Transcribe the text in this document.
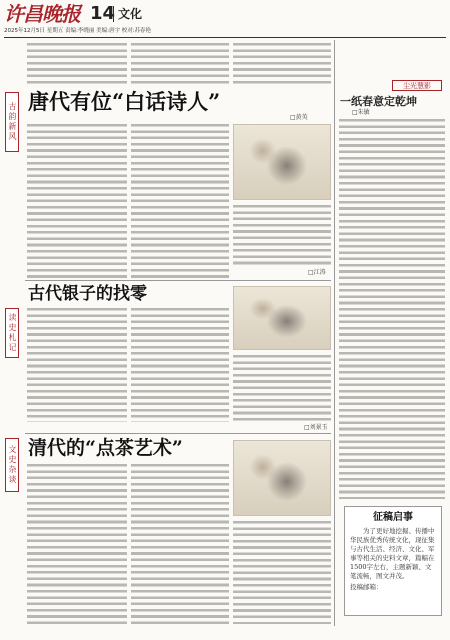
许昌晚报 14 文化
2025年12月5日 星期五 责编:李晓丽 美编:唐宇 校对:苏春艳
古韵新风
唐代有位“白话诗人”
□黄英
□江涛
古代银子的找零
读史札记
□刘景玉
清代的“点茶艺术”
文史杂谈
尘光慧影
一纸春意定乾坤
□朱敏
征稿启事
为了更好地挖掘、传播中华民族优秀传统文化，现征集与古代生活、经济、文化、军事等相关的史料文章，篇幅在1500字左右，主题新颖、文笔流畅，图文并茂。
投稿邮箱：
